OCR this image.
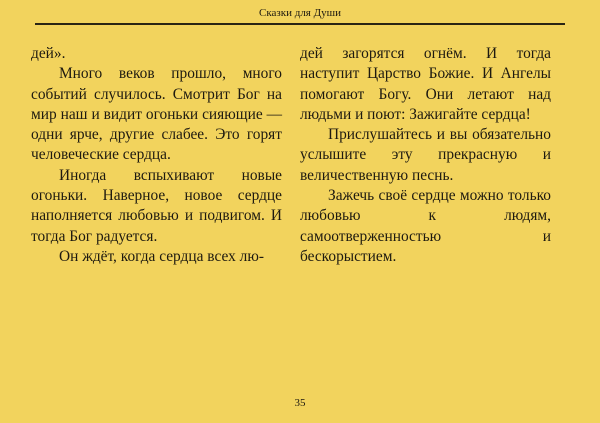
Сказки для Души

дей».

Много веков прошло, много событий случилось. Смотрит Бог на мир наш и видит огоньки сияющие — одни ярче, другие слабее. Это горят человеческие сердца.

Иногда вспыхивают новые огоньки. Наверное, новое сердце наполняется любовью и подвигом. И тогда Бог радуется.

Он ждёт, когда сердца всех лю-

дей загорятся огнём. И тогда наступит Царство Божие. И Ангелы помогают Богу. Они летают над людьми и поют: Зажигайте сердца!

Прислушайтесь и вы обязательно услышите эту прекрасную и величественную песнь.

Зажечь своё сердце можно только любовью к людям, самоотверженностью и бескорыстием.

35
